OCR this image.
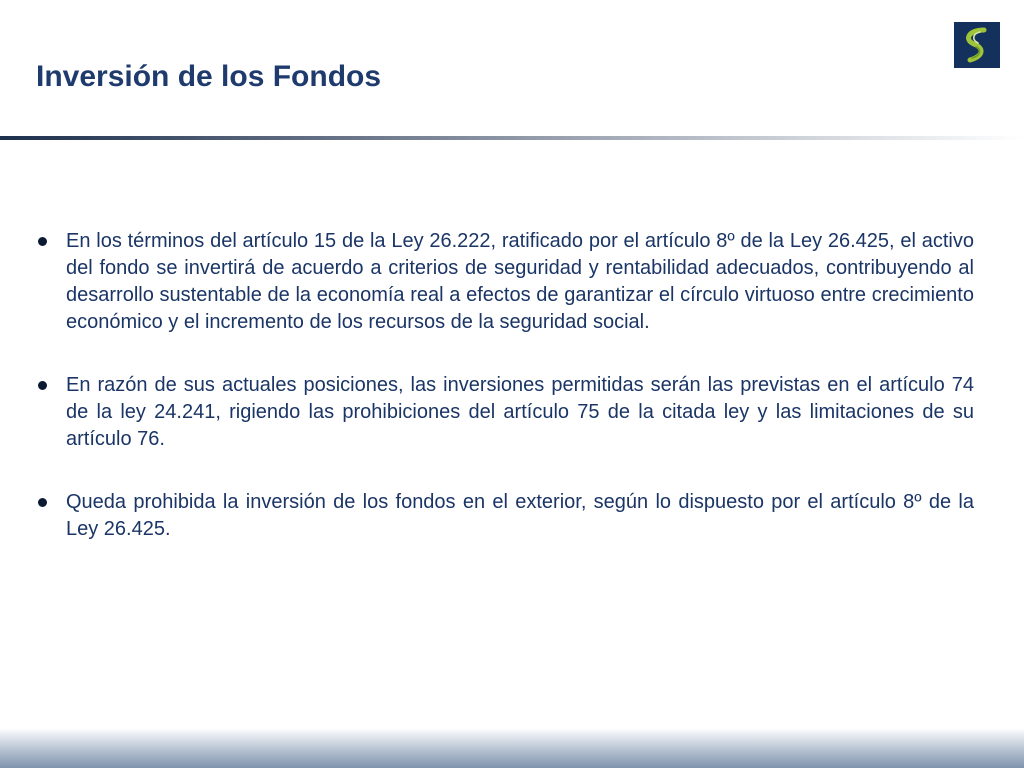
Inversión de los Fondos
En los términos del artículo 15 de la Ley 26.222, ratificado por el artículo 8º de la Ley 26.425, el activo del fondo se invertirá de acuerdo a criterios de seguridad y rentabilidad adecuados, contribuyendo al desarrollo sustentable de la economía real a efectos de garantizar el círculo virtuoso entre crecimiento económico y el incremento de los recursos de la seguridad social.
En razón de sus actuales posiciones, las inversiones permitidas serán las previstas en el artículo 74 de la ley 24.241, rigiendo las prohibiciones del artículo 75 de la citada ley y las limitaciones de su artículo 76.
Queda prohibida la inversión de los fondos en el exterior, según lo dispuesto por el artículo 8º de la Ley 26.425.
